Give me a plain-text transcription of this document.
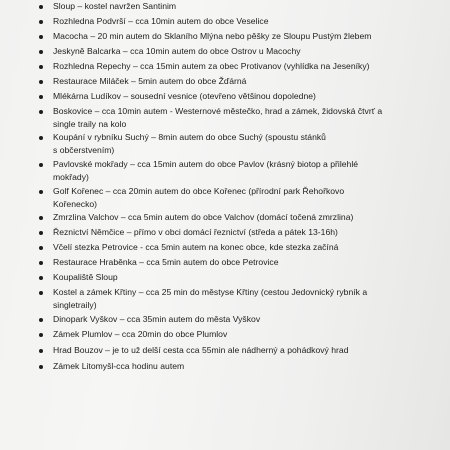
Sloup – kostel navržen Santinim
Rozhledna Podvrší – cca 10min autem do obce Veselice
Macocha – 20 min autem do Sklaního Mlýna nebo pěšky ze Sloupu Pustým žlebem
Jeskyně Balcarka – cca 10min autem do obce Ostrov u Macochy
Rozhledna Repechy – cca 15min autem za obec Protivanov (vyhlídka na Jeseníky)
Restaurace Miláček – 5min autem do obce Žďárná
Mlékárna Ludíkov – sousední vesnice (otevřeno většinou dopoledne)
Boskovice – cca 10min autem - Westernové městečko, hrad a zámek, židovská čtvrť a
single traily na kolo
Koupání v rybníku Suchý – 8min autem do obce Suchý (spoustu stánků
s občerstvením)
Pavlovské mokřady – cca 15min autem do obce Pavlov (krásný biotop a přilehlé
mokřady)
Golf Kořenec – cca 20min autem do obce Kořenec (přírodní park Řehořkovo
Kořenecko)
Zmrzlina Valchov – cca 5min autem do obce Valchov (domácí točená zmrzlina)
Řeznictví Němčice – přímo v obci domácí řeznictví (středa a pátek 13-16h)
Včelí stezka Petrovice - cca 5min autem na konec obce, kde stezka začíná
Restaurace Hraběnka – cca 5min autem do obce Petrovice
Koupaliště Sloup
Kostel a zámek Křtiny – cca 25 min do městyse Křtiny (cestou Jedovnický rybník a
singletraily)
Dinopark Vyškov – cca 35min autem do města Vyškov
Zámek Plumlov – cca 20min do obce Plumlov
Hrad Bouzov – je to už delší cesta cca 55min ale nádherný a pohádkový hrad
Zámek Litomyšl-cca hodinu autem
